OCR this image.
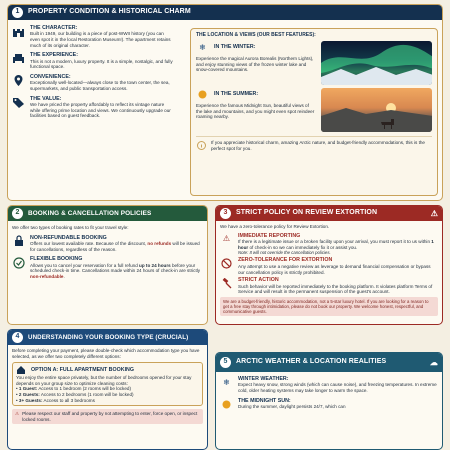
1	PROPERTY CONDITION & HISTORICAL CHARM
THE CHARACTER:
Built in 1949, our building is a piece of post-WWII history (you can even spot it in the local Restoration Museum!). The apartment retains much of its original character.
THE EXPERIENCE:
This is not a modern, luxury property. It is a simple, nostalgic, and fully functional space.
CONVENIENCE:
Exceptionally well-located—always close to the town center, the sea, supermarkets, and public transportation access.
THE VALUE:
We have priced the property affordably to reflect its vintage nature while offering prime location and views. We continuously upgrade our facilities based on guest feedback.
THE LOCATION & VIEWS (OUR BEST FEATURES):
❄	IN THE WINTER:
Experience the magical Aurora Borealis (Northern Lights), and enjoy stunning views of the frozen winter lake and snow-covered mountains.
IN THE SUMMER:
Experience the famous Midnight Sun, beautiful views of the lake and mountains, and you might even spot reindeer roaming nearby.
If you appreciate historical charm, amazing Arctic nature, and budget-friendly accommodations, this is the perfect spot for you.
2	BOOKING & CANCELLATION POLICIES
We offer two types of booking rates to fit your travel style:
NON-REFUNDABLE BOOKING
Offers our lowest available rate. Because of the discount, no refunds will be issued for cancellations, regardless of the reason.
FLEXIBLE BOOKING
Allows you to cancel your reservation for a full refund up to 24 hours before your scheduled check-in time. Cancellations made within 24 hours of check-in are strictly non-refundable.
3	STRICT POLICY ON REVIEW EXTORTION	⚠
We have a zero-tolerance policy for Review Extortion.
⚠	IMMEDIATE REPORTING
If there is a legitimate issue or a broken facility upon your arrival, you must report it to us within 1 hour of check-in so we can immediately fix it or assist you.
Note: It will not override the cancellation policies.
ZERO-TOLERANCE FOR EXTORTION
Any attempt to use a negative review as leverage to demand financial compensation or bypass our cancellation policy is strictly prohibited.
STRICT ACTION
Such behavior will be reported immediately to the booking platform. It violates platform Terms of Service and will result in the permanent suspension of the guest's account.
We are a budget-friendly, historic accommodation, not a 5-star luxury hotel. If you are looking for a reason to get a free stay through intimidation, please do not book our property. We welcome honest, respectful, and communicative guests.
4	UNDERSTANDING YOUR BOOKING TYPE (CRUCIAL)
Before completing your payment, please double-check which accommodation type you have selected, as we offer two completely different options:
OPTION A: FULL APARTMENT BOOKING
You enjoy the entire space privately, but the number of bedrooms opened for your stay depends on your group size to optimize cleaning costs:
• 1 Guest: Access to 1 bedroom (2 rooms will be locked)
• 2 Guests: Access to 2 bedrooms (1 room will be locked)
• 3+ Guests: Access to all 3 bedrooms
⚠ Please respect our staff and property by not attempting to enter, force open, or inspect locked rooms.
5	ARCTIC WEATHER & LOCATION REALITIES	☁
❄	WINTER WEATHER:
Expect heavy snow, strong winds (which can cause noise), and freezing temperatures. In extreme cold, older heating systems may take longer to warm the space.
THE MIDNIGHT SUN:
During the summer, daylight persists 24/7, which can
